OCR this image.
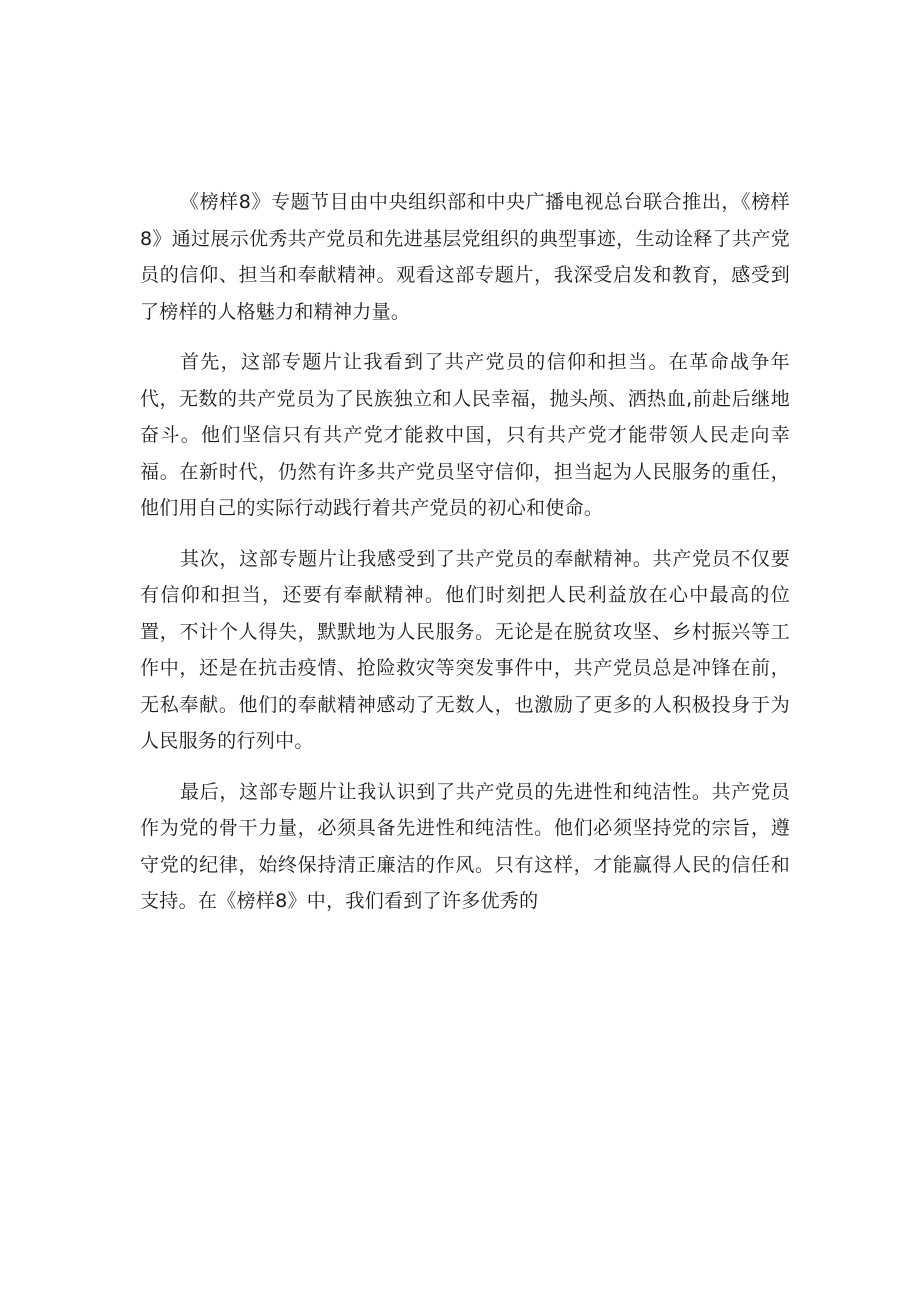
《榜样8》专题节目由中央组织部和中央广播电视总台联合推出，《榜样8》通过展示优秀共产党员和先进基层党组织的典型事迹，生动诠释了共产党员的信仰、担当和奉献精神。观看这部专题片，我深受启发和教育，感受到了榜样的人格魅力和精神力量。

首先，这部专题片让我看到了共产党员的信仰和担当。在革命战争年代，无数的共产党员为了民族独立和人民幸福，抛头颅、洒热血,前赴后继地奋斗。他们坚信只有共产党才能救中国，只有共产党才能带领人民走向幸福。在新时代，仍然有许多共产党员坚守信仰，担当起为人民服务的重任，他们用自己的实际行动践行着共产党员的初心和使命。

其次，这部专题片让我感受到了共产党员的奉献精神。共产党员不仅要有信仰和担当，还要有奉献精神。他们时刻把人民利益放在心中最高的位置，不计个人得失，默默地为人民服务。无论是在脱贫攻坚、乡村振兴等工作中，还是在抗击疫情、抢险救灾等突发事件中，共产党员总是冲锋在前，无私奉献。他们的奉献精神感动了无数人，也激励了更多的人积极投身于为人民服务的行列中。

最后，这部专题片让我认识到了共产党员的先进性和纯洁性。共产党员作为党的骨干力量，必须具备先进性和纯洁性。他们必须坚持党的宗旨，遵守党的纪律，始终保持清正廉洁的作风。只有这样，才能赢得人民的信任和支持。在《榜样8》中，我们看到了许多优秀的
